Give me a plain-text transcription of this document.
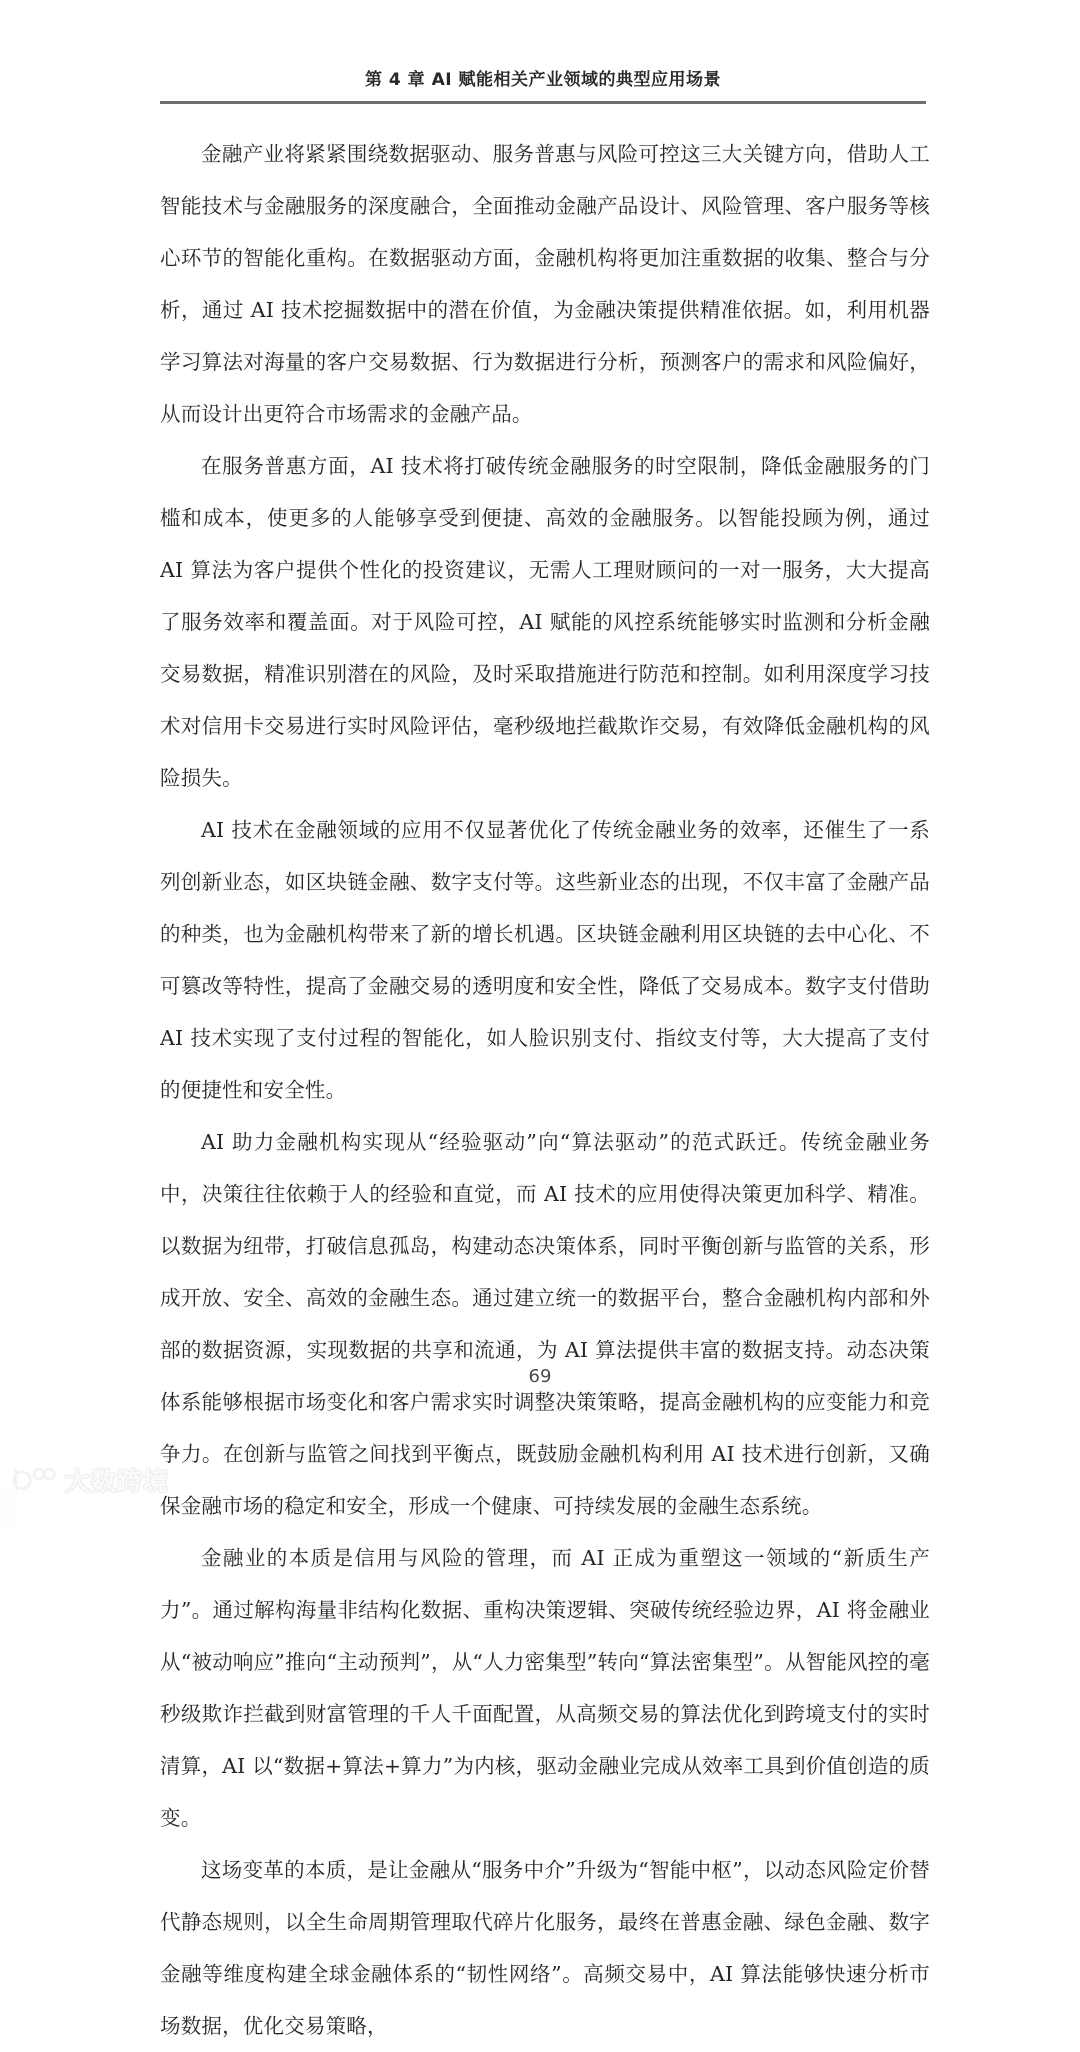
第 4 章 AI 赋能相关产业领域的典型应用场景

金融产业将紧紧围绕数据驱动、服务普惠与风险可控这三大关键方向，借助人工智能技术与金融服务的深度融合，全面推动金融产品设计、风险管理、客户服务等核心环节的智能化重构。在数据驱动方面，金融机构将更加注重数据的收集、整合与分析，通过 AI 技术挖掘数据中的潜在价值，为金融决策提供精准依据。如，利用机器学习算法对海量的客户交易数据、行为数据进行分析，预测客户的需求和风险偏好，从而设计出更符合市场需求的金融产品。

在服务普惠方面，AI 技术将打破传统金融服务的时空限制，降低金融服务的门槛和成本，使更多的人能够享受到便捷、高效的金融服务。以智能投顾为例，通过 AI 算法为客户提供个性化的投资建议，无需人工理财顾问的一对一服务，大大提高了服务效率和覆盖面。对于风险可控，AI 赋能的风控系统能够实时监测和分析金融交易数据，精准识别潜在的风险，及时采取措施进行防范和控制。如利用深度学习技术对信用卡交易进行实时风险评估，毫秒级地拦截欺诈交易，有效降低金融机构的风险损失。

AI 技术在金融领域的应用不仅显著优化了传统金融业务的效率，还催生了一系列创新业态，如区块链金融、数字支付等。这些新业态的出现，不仅丰富了金融产品的种类，也为金融机构带来了新的增长机遇。区块链金融利用区块链的去中心化、不可篡改等特性，提高了金融交易的透明度和安全性，降低了交易成本。数字支付借助 AI 技术实现了支付过程的智能化，如人脸识别支付、指纹支付等，大大提高了支付的便捷性和安全性。

AI 助力金融机构实现从“经验驱动”向“算法驱动”的范式跃迁。传统金融业务中，决策往往依赖于人的经验和直觉，而 AI 技术的应用使得决策更加科学、精准。以数据为纽带，打破信息孤岛，构建动态决策体系，同时平衡创新与监管的关系，形成开放、安全、高效的金融生态。通过建立统一的数据平台，整合金融机构内部和外部的数据资源，实现数据的共享和流通，为 AI 算法提供丰富的数据支持。动态决策体系能够根据市场变化和客户需求实时调整决策策略，提高金融机构的应变能力和竞争力。在创新与监管之间找到平衡点，既鼓励金融机构利用 AI 技术进行创新，又确保金融市场的稳定和安全，形成一个健康、可持续发展的金融生态系统。

金融业的本质是信用与风险的管理，而 AI 正成为重塑这一领域的“新质生产力”。通过解构海量非结构化数据、重构决策逻辑、突破传统经验边界，AI 将金融业从“被动响应”推向“主动预判”，从“人力密集型”转向“算法密集型”。从智能风控的毫秒级欺诈拦截到财富管理的千人千面配置，从高频交易的算法优化到跨境支付的实时清算，AI 以“数据+算法+算力”为内核，驱动金融业完成从效率工具到价值创造的质变。

这场变革的本质，是让金融从“服务中介”升级为“智能中枢”，以动态风险定价替代静态规则，以全生命周期管理取代碎片化服务，最终在普惠金融、绿色金融、数字金融等维度构建全球金融体系的“韧性网络”。高频交易中，AI 算法能够快速分析市场数据，优化交易策略，

69
大数跨境
